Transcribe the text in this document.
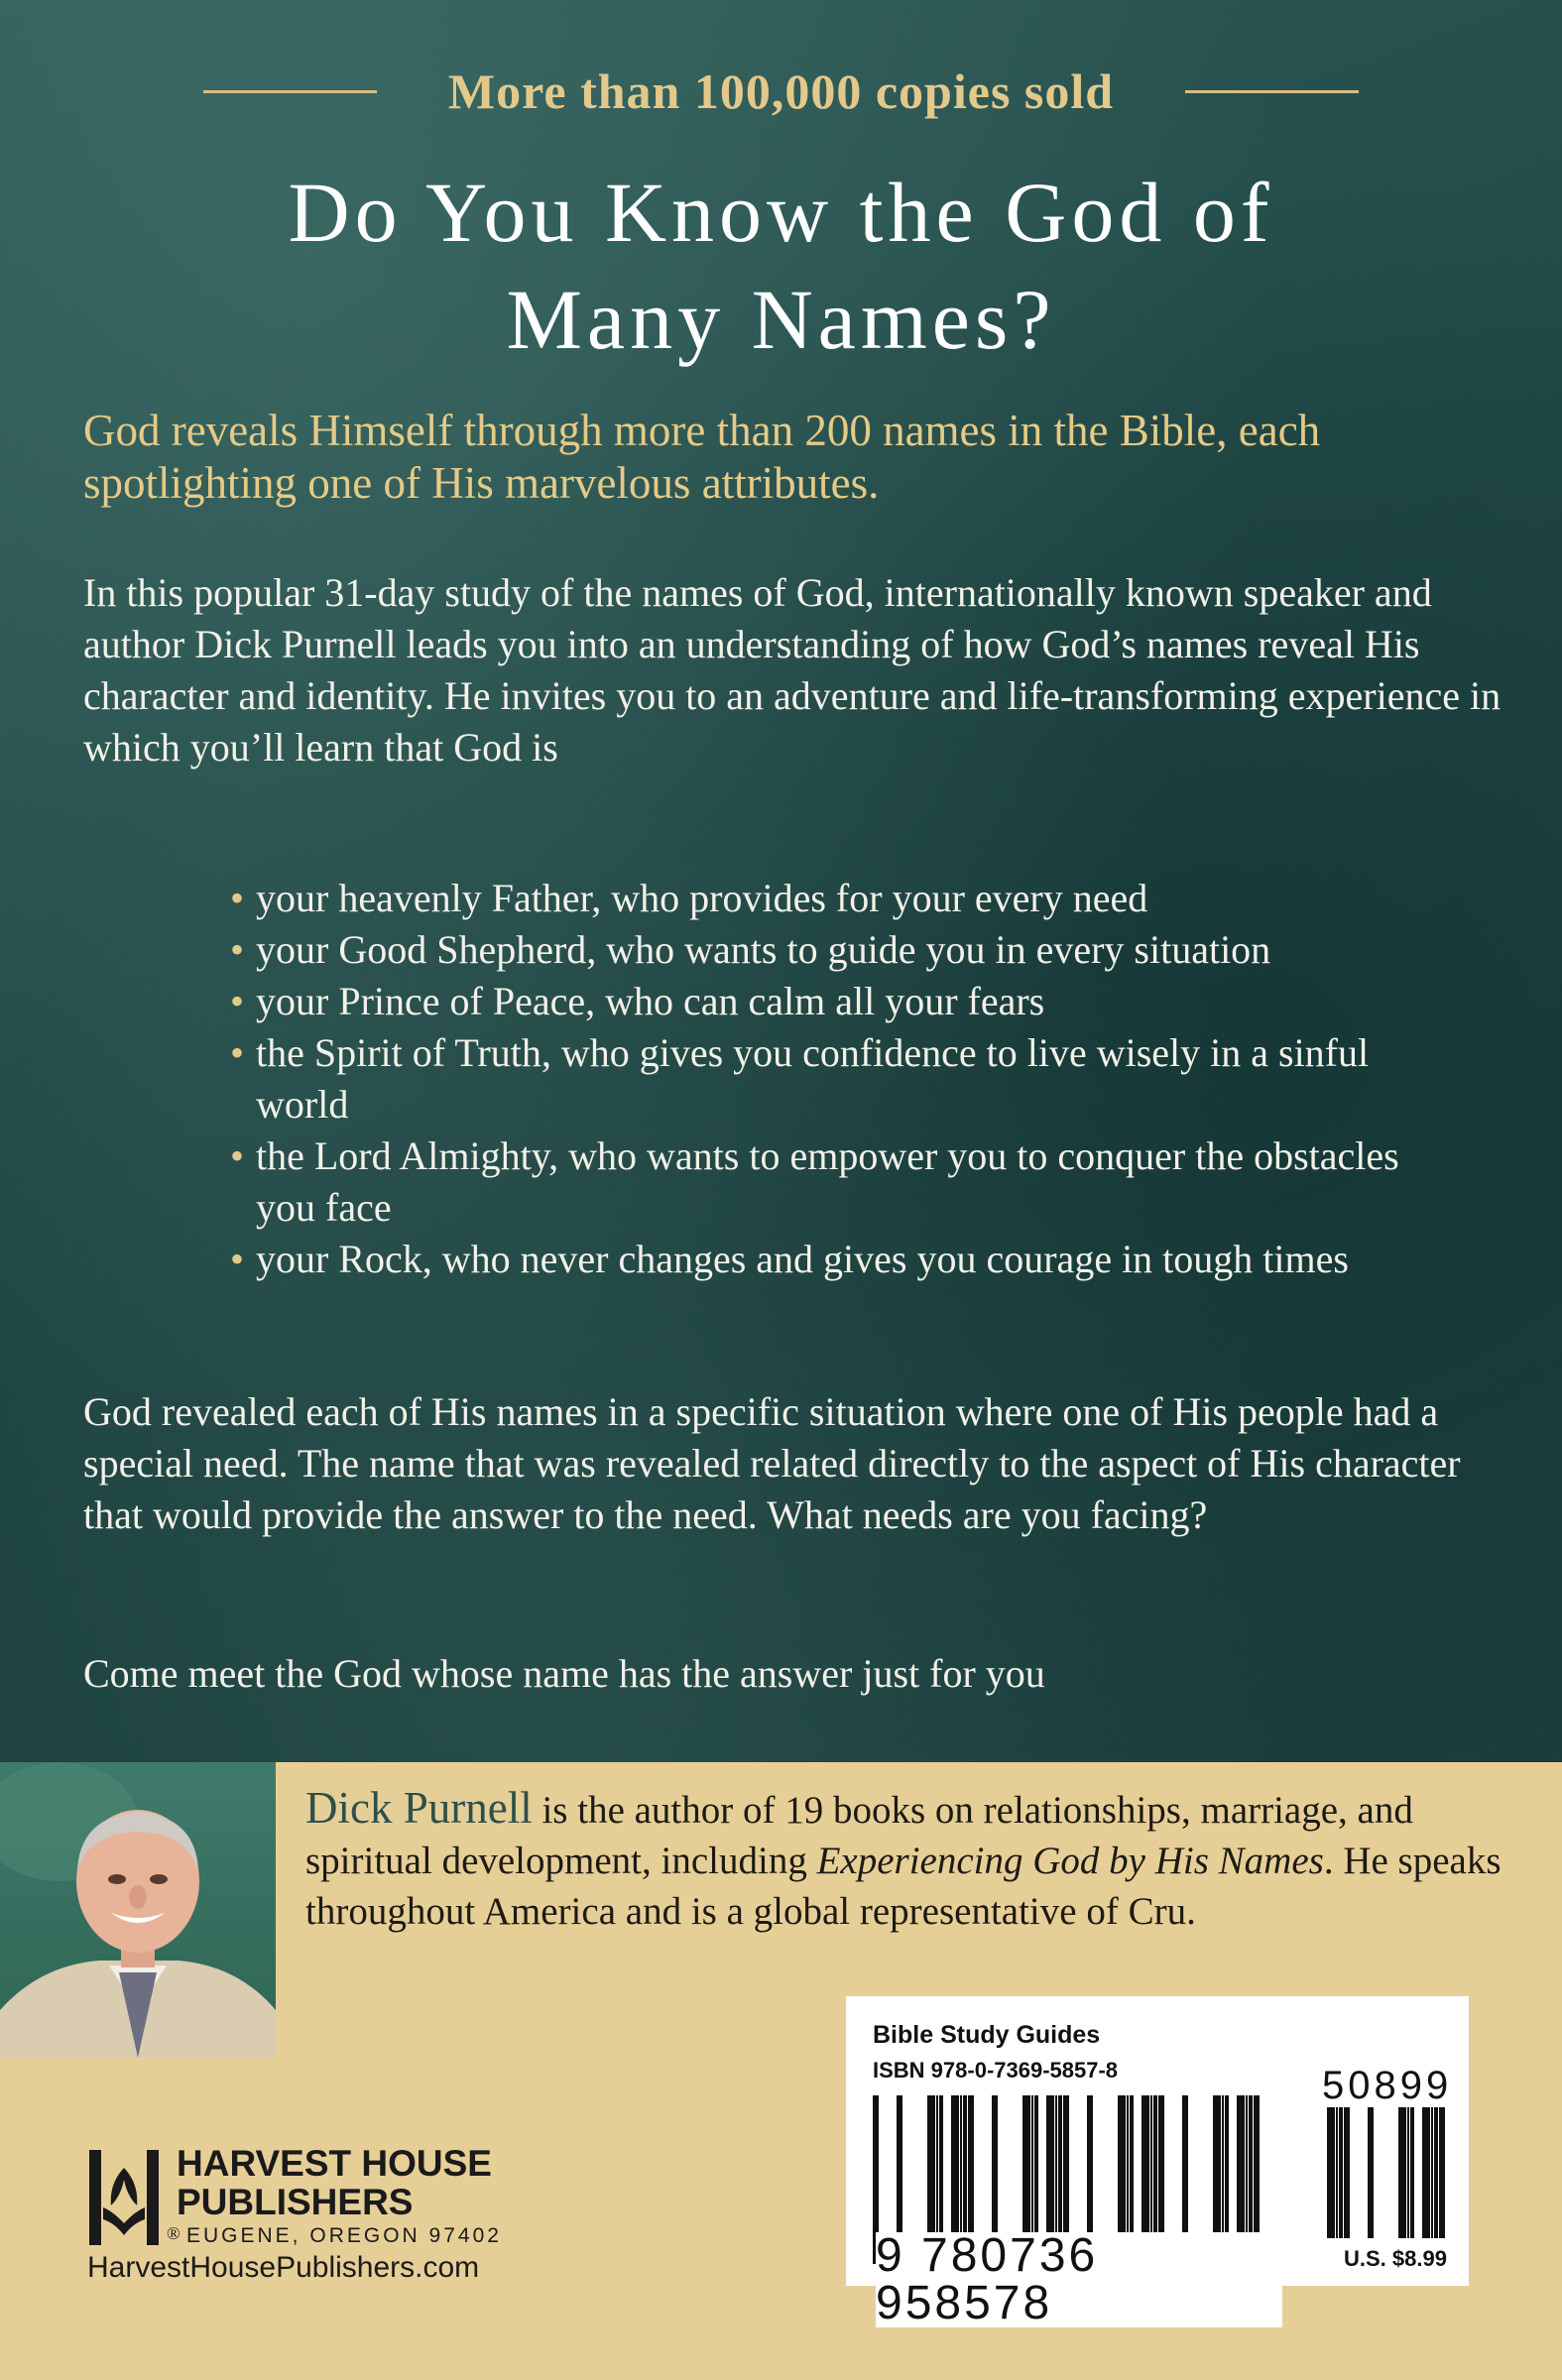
More than 100,000 copies sold
Do You Know the God of
Many Names?

God reveals Himself through more than 200 names in the Bible, each spotlighting one of His marvelous attributes.

In this popular 31-day study of the names of God, internationally known speaker and author Dick Purnell leads you into an understanding of how God’s names reveal His character and identity. He invites you to an adventure and life-transforming experience in which you’ll learn that God is

• your heavenly Father, who provides for your every need
• your Good Shepherd, who wants to guide you in every situation
• your Prince of Peace, who can calm all your fears
• the Spirit of Truth, who gives you confidence to live wisely in a sinful world
• the Lord Almighty, who wants to empower you to conquer the obstacles you face
• your Rock, who never changes and gives you courage in tough times

God revealed each of His names in a specific situation where one of His people had a special need. The name that was revealed related directly to the aspect of His character that would provide the answer to the need. What needs are you facing?

Come meet the God whose name has the answer just for you

Dick Purnell is the author of 19 books on relationships, marriage, and spiritual development, including Experiencing God by His Names. He speaks throughout America and is a global representative of Cru.

HARVEST HOUSE
PUBLISHERS
® EUGENE, OREGON 97402
HarvestHousePublishers.com
Bible Study Guides
ISBN 978-0-7369-5857-8
9 780736 958578
50899
U.S. $8.99
